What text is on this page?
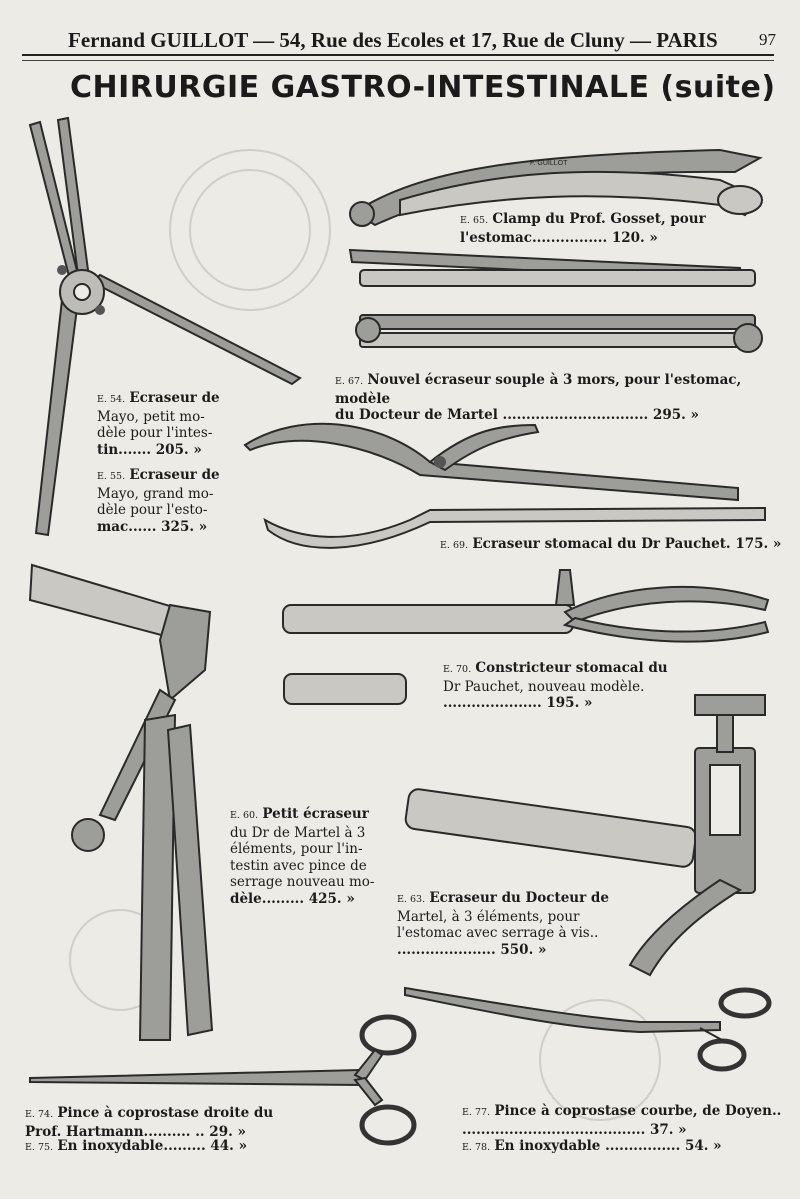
Fernand GUILLOT — 54, Rue des Ecoles et 17, Rue de Cluny — PARIS 97
CHIRURGIE GASTRO-INTESTINALE (suite)
F. GUILLOT
E. 54. Ecraseur de
Mayo, petit mo-
dèle pour l'intes-
tin....... 205. »
E. 55. Ecraseur de
Mayo, grand mo-
dèle pour l'esto-
mac...... 325. »
E. 65. Clamp du Prof. Gosset, pour
l'estomac................ 120. »
E. 67. Nouvel écraseur souple à 3 mors, pour l'estomac, modèle
du Docteur de Martel ............................... 295. »
E. 69. Ecraseur stomacal du Dr Pauchet. 175. »
E. 70. Constricteur stomacal du
Dr Pauchet, nouveau modèle.
..................... 195. »
E. 60. Petit écraseur
du Dr de Martel à 3
éléments, pour l'in-
testin avec pince de
serrage nouveau mo-
dèle......... 425. »	E. 63. Ecraseur du Docteur de
Martel, à 3 éléments, pour
l'estomac avec serrage à vis..
..................... 550. »
E. 74. Pince à coprostase droite du
Prof. Hartmann.......... .. 29. »
E. 75. En inoxydable......... 44. »
E. 77. Pince à coprostase courbe, de Doyen..
....................................... 37. »
E. 78. En inoxydable ................ 54. »
